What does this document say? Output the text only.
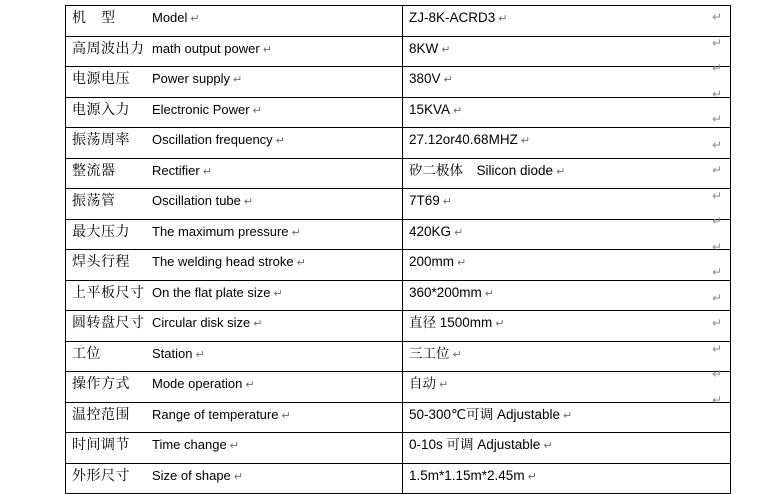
机　型 Model ↵	ZJ-8K-ACRD3 ↵
高周波出力 math output power ↵	8KW ↵
电源电压 Power supply ↵	380V ↵
电源入力 Electronic Power ↵	15KVA ↵
振荡周率 Oscillation frequency ↵	27.12or40.68MHZ ↵
整流器 Rectifier ↵	矽二极体　Silicon diode ↵
振荡管 Oscillation tube ↵	7T69 ↵
最大压力 The maximum pressure ↵	420KG ↵
焊头行程 The welding head stroke ↵	200mm ↵
上平板尺寸 On the flat plate size ↵	360*200mm ↵
圆转盘尺寸 Circular disk size ↵	直径 1500mm ↵
工位 Station ↵	三工位 ↵
操作方式 Mode operation ↵	自动 ↵
温控范围 Range of temperature ↵	50-300℃可调 Adjustable ↵
时间调节 Time change ↵	0-10s 可调 Adjustable ↵
外形尺寸 Size of shape ↵	1.5m*1.15m*2.45m ↵
↵
↵
↵
↵
↵
↵
↵
↵
↵
↵
↵
↵
↵
↵
↵
↵
